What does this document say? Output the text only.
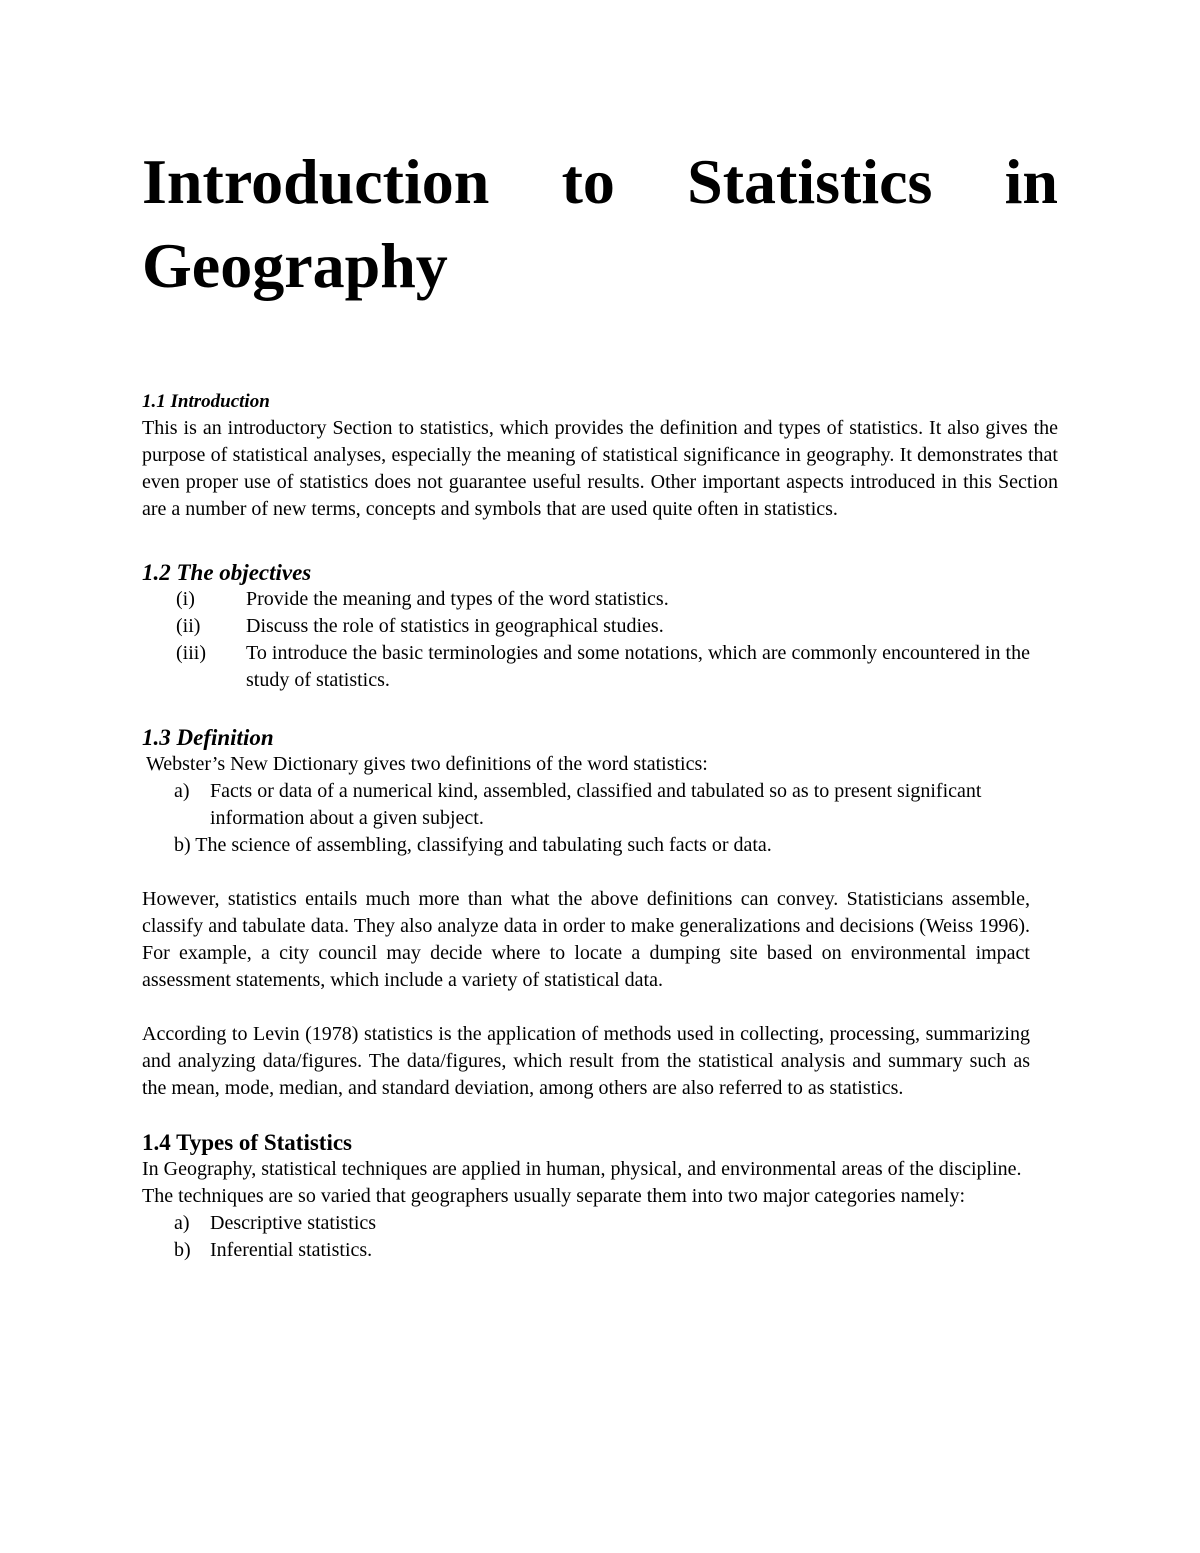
Introduction to Statistics in Geography
1.1 Introduction

This is an introductory Section to statistics, which provides the definition and types of statistics. It also gives the purpose of statistical analyses, especially the meaning of statistical significance in geography. It demonstrates that even proper use of statistics does not guarantee useful results. Other important aspects introduced in this Section are a number of new terms, concepts and symbols that are used quite often in statistics.

1.2 The objectives
(i)	Provide the meaning and types of the word statistics.
(ii)	Discuss the role of statistics in geographical studies.
(iii)	To introduce the basic terminologies and some notations, which are commonly encountered in the study of statistics.
1.3 Definition
Webster’s New Dictionary gives two definitions of the word statistics:
a)	Facts or data of a numerical kind, assembled, classified and tabulated so as to present significant information about a given subject.
b) The science of assembling, classifying and tabulating such facts or data.

However, statistics entails much more than what the above definitions can convey. Statisticians assemble, classify and tabulate data. They also analyze data in order to make generalizations and decisions (Weiss 1996). For example, a city council may decide where to locate a dumping site based on environmental impact assessment statements, which include a variety of statistical data.

According to Levin (1978) statistics is the application of methods used in collecting, processing, summarizing and analyzing data/figures. The data/figures, which result from the statistical analysis and summary such as the mean, mode, median, and standard deviation, among others are also referred to as statistics.

1.4 Types of Statistics

In Geography, statistical techniques are applied in human, physical, and environmental areas of the discipline. The techniques are so varied that geographers usually separate them into two major categories namely:

a)	Descriptive statistics
b) Inferential statistics.
